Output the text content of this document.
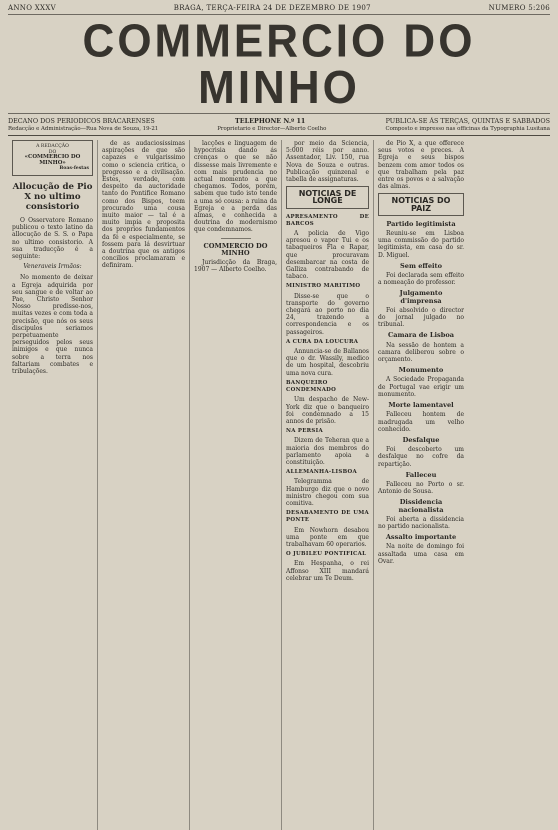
ANNO XXXV	BRAGA, TERÇA-FEIRA 24 DE DEZEMBRO DE 1907	NUMERO 5:206
COMMERCIO DO MINHO
DECANO DOS PERIODICOS BRACARENSES	TELEPHONE N.º 11	PUBLICA-SE ÁS TERÇAS, QUINTAS E SABBADOS
Redacção e Administração—Rua Nova de Souza, 19-21	Proprietario e Director—Alberto Coelho	Composto e impresso nas officinas da Typographia Lusitana
A REDACÇÃO
DO
«COMMERCIO DO MINHO»
Boas-festas
Allocução de Pio X no ultimo consistorio

O Osservatore Romano publicou o texto latino da allocução de S. S. o Papa no ultimo consistorio. A sua traducção é a seguinte:

Veneraveis Irmãos:

No momento de deixar a Egreja adquirida por seu sangue e de voltar ao Pae, Christo Senhor Nosso predisse-nos, muitas vezes e com toda a precisão, que nós os seus discipulos seriamos perpetuamente perseguidos pelos seus inimigos e que nunca sobre a terra nos faltariam combates e tribulações.

de as audaciosíssimas aspirações de que são capazes e vulgarissimo como o sciencia critica, o progresso e a civilisação. Estes, verdade, com despeito da auctoridade tanto do Pontifice Romano como dos Bispos, teem procurado uma cousa muito maior — tal é a muito impia e proposita dos proprios fundamentos da fé e especialmente, se fossem para lá desvirtuar a doutrina que os antigos concilios proclamaram e definiram.

lacções e linguagem de hypocrisia dando ás crenças o que se não dissesse mais livremente e com mais prudencia no actual momento a que chegamos. Todos, porém, sabem que tudo isto tende a uma só cousa: a ruina da Egreja e a perda das almas, e conhecida a doutrina do modernismo que condemnamos.

COMMERCIO DO MINHO

Jurisdicção da Braga, 1907 — Alberto Coelho.

por meio da Sciencia, 5:000 réis por anno. Assentador, Liv. 150, rua Nova de Souza e outras. Publicação quinzenal e tabella de assignaturas.

NOTICIAS DE LONGE
APRESAMENTO DE BARCOS

A policia de Vigo apresou o vapor Tui e os tabaqueiros Fla e Rapar, que procuravam desembarcar na costa de Galliza contrabando de tabaco.

MINISTRO MARITIMO

Disse-se que o transporte do governo chegará ao porto no dia 24, trazendo a correspondencia e os passageiros.

A CURA DA LOUCURA

Annuncia-se de Ballanos que o dr. Wassily, medico de um hospital, descobriu uma nova cura.

BANQUEIRO CONDEMNADO

Um despacho de New-York diz que o banqueiro foi condemnado a 15 annos de prisão.

NA PERSIA

Dizem de Teheran que a maioria dos membros do parlamento apoia a constituição.

ALLEMANHA-LISBOA

Telegramma de Hamburgo diz que o novo ministro chegou com sua comitiva.

DESABAMENTO DE UMA PONTE

Em Nowhorn desabou uma ponte em que trabalhavam 60 operarios.

O JUBILEU PONTIFICAL

Em Hespanha, o rei Affonso XIII mandará celebrar um Te Deum.

de Pio X, a que offerece seus votos e preces. A Egreja e seus bispos benzem com amor todos os que trabalham pela paz entre os povos e a salvação das almas.

NOTICIAS DO PAIZ
Partido legitimista

Reuniu-se em Lisboa uma commissão do partido legitimista, em casa do sr. D. Miguel.

Sem effeito

Foi declarada sem effeito a nomeação do professor.

Julgamento d'imprensa

Foi absolvido o director do jornal julgado no tribunal.

Camara de Lisboa

Na sessão de hontem a camara deliberou sobre o orçamento.

Monumento

A Sociedade Propaganda de Portugal vae erigir um monumento.

Morte lamentavel

Falleceu hontem de madrugada um velho conhecido.

Desfalque

Foi descoberto um desfalque no cofre da repartição.

Falleceu

Falleceu no Porto o sr. Antonio de Sousa.

Dissidencia nacionalista

Foi aberta a dissidencia no partido nacionalista.

Assalto importante

Na noite de domingo foi assaltada uma casa em Ovar.
